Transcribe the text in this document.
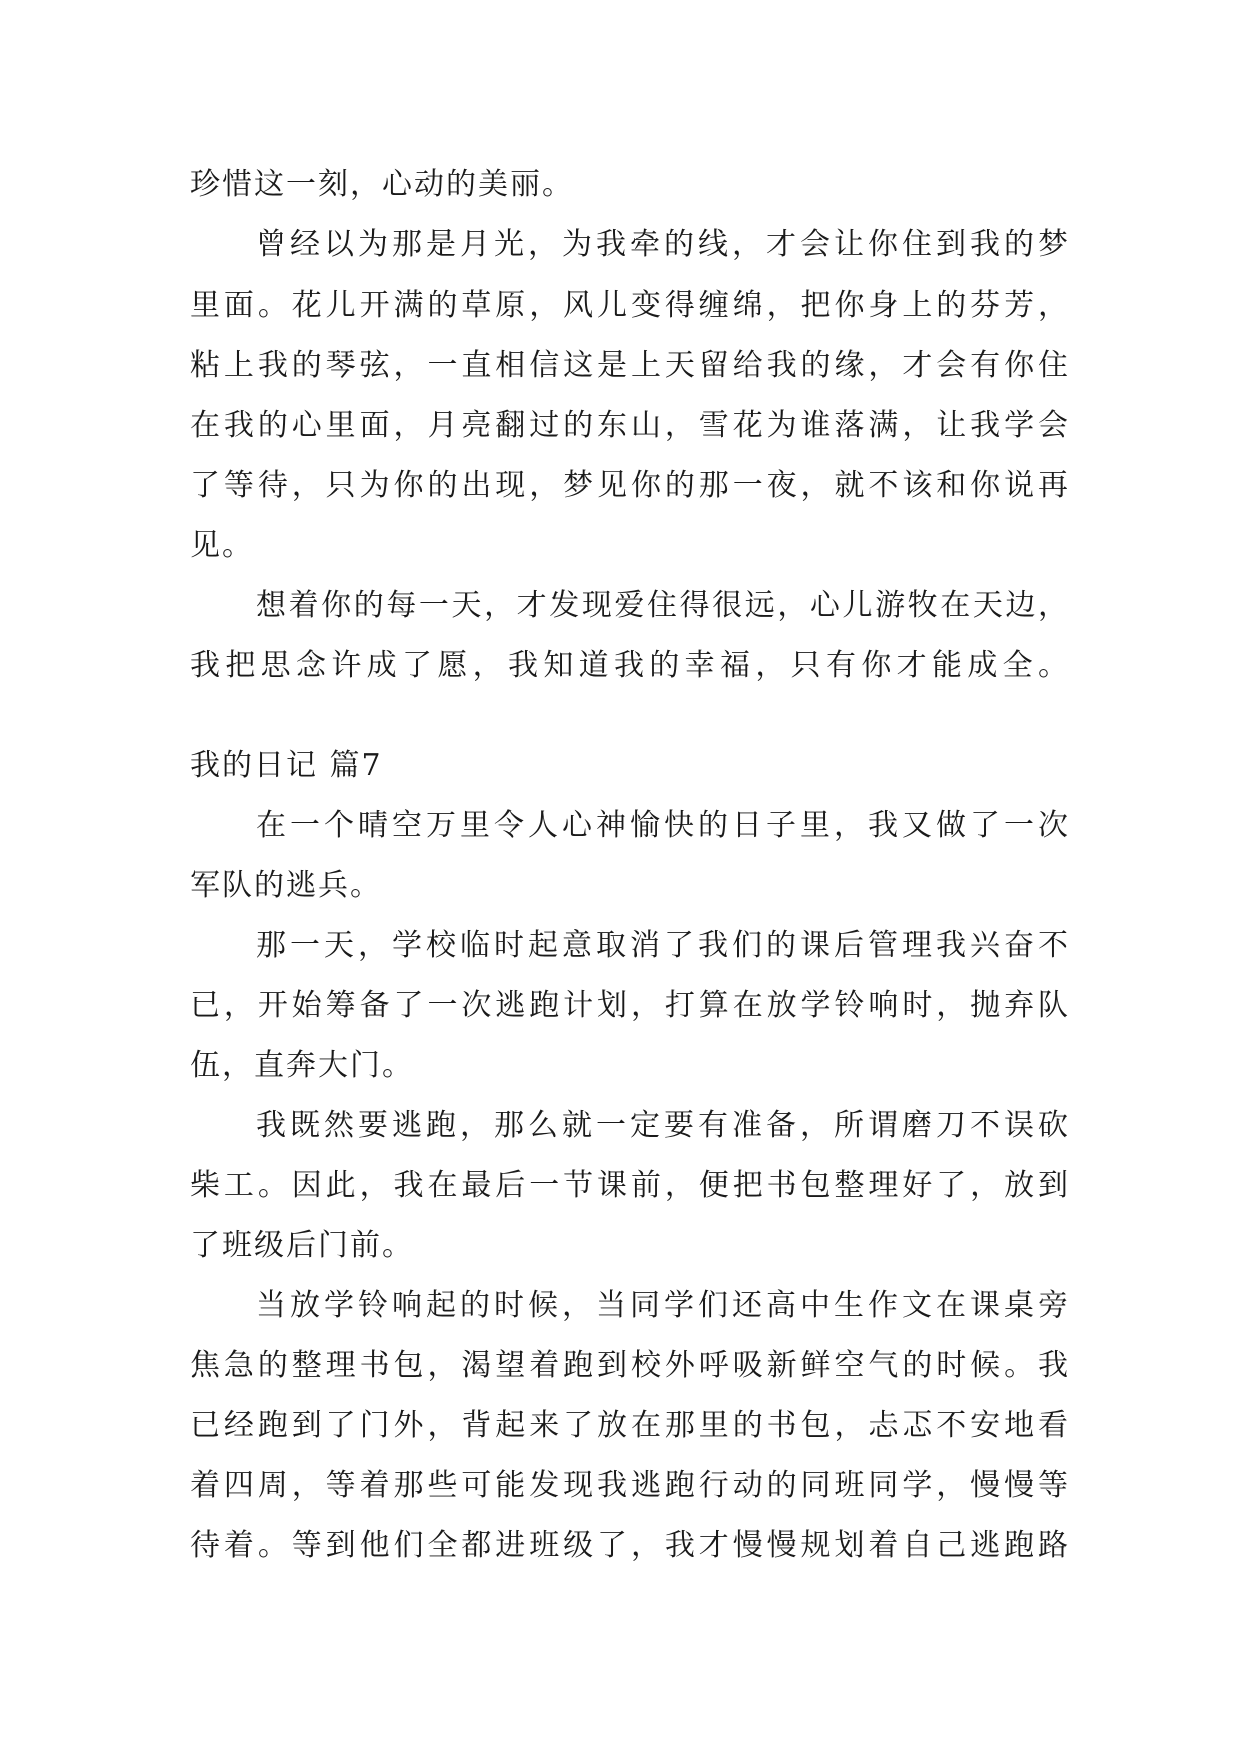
珍惜这一刻，心动的美丽。
曾经以为那是月光，为我牵的线，才会让你住到我的梦
里面。花儿开满的草原，风儿变得缠绵，把你身上的芬芳，
粘上我的琴弦，一直相信这是上天留给我的缘，才会有你住
在我的心里面，月亮翻过的东山，雪花为谁落满，让我学会
了等待，只为你的出现，梦见你的那一夜，就不该和你说再
见。
想着你的每一天，才发现爱住得很远，心儿游牧在天边，
我把思念许成了愿，我知道我的幸福，只有你才能成全。
我的日记 篇7
在一个晴空万里令人心神愉快的日子里，我又做了一次
军队的逃兵。
那一天，学校临时起意取消了我们的课后管理我兴奋不
已，开始筹备了一次逃跑计划，打算在放学铃响时，抛弃队
伍，直奔大门。
我既然要逃跑，那么就一定要有准备，所谓磨刀不误砍
柴工。因此，我在最后一节课前，便把书包整理好了，放到
了班级后门前。
当放学铃响起的时候，当同学们还高中生作文在课桌旁
焦急的整理书包，渴望着跑到校外呼吸新鲜空气的时候。我
已经跑到了门外，背起来了放在那里的书包，忐忑不安地看
着四周，等着那些可能发现我逃跑行动的同班同学，慢慢等
待着。等到他们全都进班级了，我才慢慢规划着自己逃跑路
